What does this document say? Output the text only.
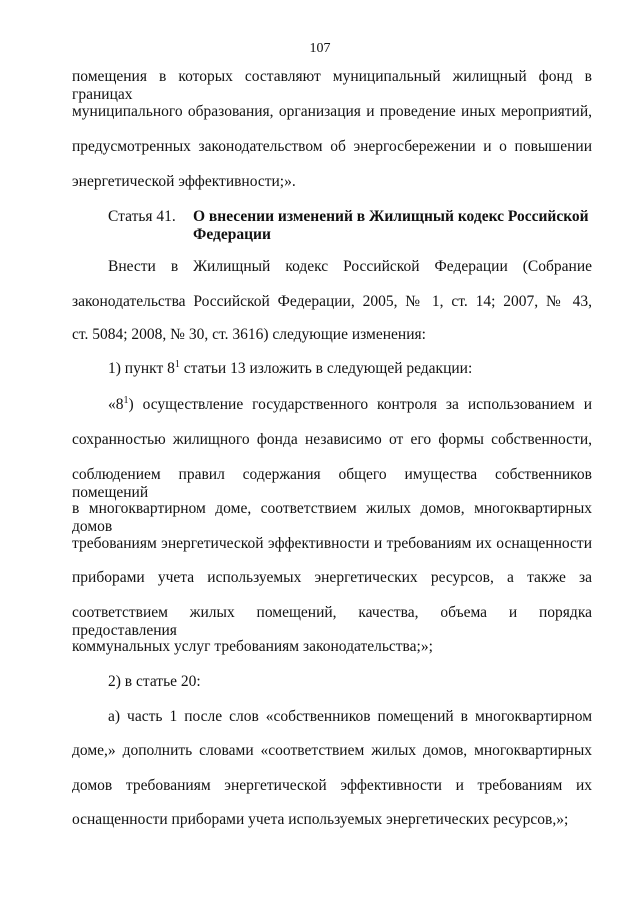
107
помещения в которых составляют муниципальный жилищный фонд в границах
муниципального образования, организация и проведение иных мероприятий,
предусмотренных законодательством об энергосбережении и о повышении
энергетической эффективности;».
Статья 41. О внесении изменений в Жилищный кодекс Российской Федерации
Внести в Жилищный кодекс Российской Федерации (Собрание
законодательства Российской Федерации, 2005, № 1, ст. 14; 2007, № 43,
ст. 5084; 2008, № 30, ст. 3616) следующие изменения:
1) пункт $8^1$ статьи 13 изложить в следующей редакции:
«$8^1$) осуществление государственного контроля за использованием и
сохранностью жилищного фонда независимо от его формы собственности,
соблюдением правил содержания общего имущества собственников помещений
в многоквартирном доме, соответствием жилых домов, многоквартирных домов
требованиям энергетической эффективности и требованиям их оснащенности
приборами учета используемых энергетических ресурсов, а также за
соответствием жилых помещений, качества, объема и порядка предоставления
коммунальных услуг требованиям законодательства;»;
2) в статье 20:
а) часть 1 после слов «собственников помещений в многоквартирном
доме,» дополнить словами «соответствием жилых домов, многоквартирных
домов требованиям энергетической эффективности и требованиям их
оснащенности приборами учета используемых энергетических ресурсов,»;
